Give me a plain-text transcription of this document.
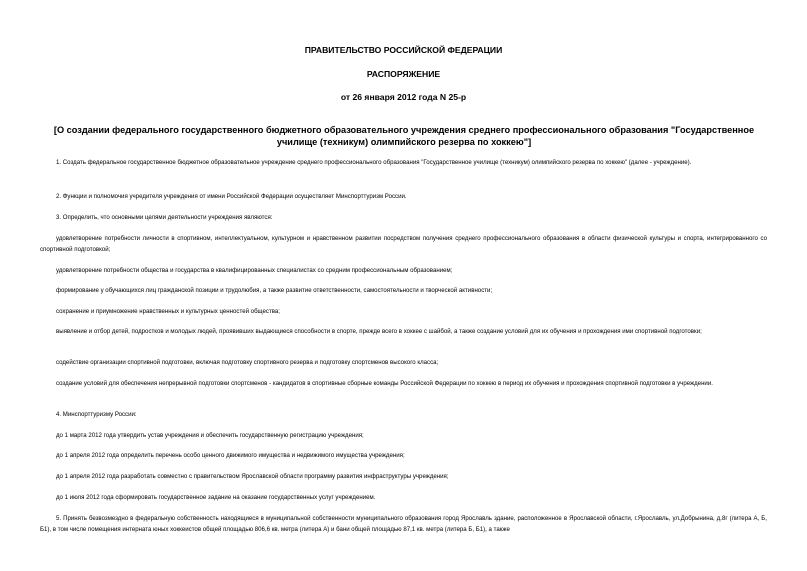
ПРАВИТЕЛЬСТВО РОССИЙСКОЙ ФЕДЕРАЦИИ
РАСПОРЯЖЕНИЕ
от 26 января 2012 года N 25-р
[О создании федерального государственного бюджетного образовательного учреждения среднего профессионального образования "Государственное училище (техникум) олимпийского резерва по хоккею"]
1. Создать федеральное государственное бюджетное образовательное учреждение среднего профессионального образования "Государственное училище (техникум) олимпийского резерва по хоккею" (далее - учреждение).
2. Функции и полномочия учредителя учреждения от имени Российской Федерации осуществляет Минспорттуризм России.
3. Определить, что основными целями деятельности учреждения являются:
удовлетворение потребности личности в спортивном, интеллектуальном, культурном и нравственном развитии посредством получения среднего профессионального образования в области физической культуры и спорта, интегрированного со спортивной подготовкой;
удовлетворение потребности общества и государства в квалифицированных специалистах со средним профессиональным образованием;
формирование у обучающихся лиц гражданской позиции и трудолюбия, а также развитие ответственности, самостоятельности и творческой активности;
сохранение и приумножение нравственных и культурных ценностей общества;
выявление и отбор детей, подростков и молодых людей, проявивших выдающиеся способности в спорте, прежде всего в хоккее с шайбой, а также создание условий для их обучения и прохождения ими спортивной подготовки;
содействие организации спортивной подготовки, включая подготовку спортивного резерва и подготовку спортсменов высокого класса;
создание условий для обеспечения непрерывной подготовки спортсменов - кандидатов в спортивные сборные команды Российской Федерации по хоккею в период их обучения и прохождения спортивной подготовки в учреждении.
4. Минспорттуризму России:
до 1 марта 2012 года утвердить устав учреждения и обеспечить государственную регистрацию учреждения;
до 1 апреля 2012 года определить перечень особо ценного движимого имущества и недвижимого имущества учреждения;
до 1 апреля 2012 года разработать совместно с правительством Ярославской области программу развития инфраструктуры учреждения;
до 1 июля 2012 года сформировать государственное задание на оказание государственных услуг учреждением.
5. Принять безвозмездно в федеральную собственность находящиеся в муниципальной собственности муниципального образования город Ярославль здание, расположенное в Ярославской области, г.Ярославль, ул.Добрынина, д.8г (литера А, Б, Б1), в том числе помещения интерната юных хоккеистов общей площадью 806,6 кв. метра (литера А) и бани общей площадью 87,1 кв. метра (литера Б, Б1), а также
